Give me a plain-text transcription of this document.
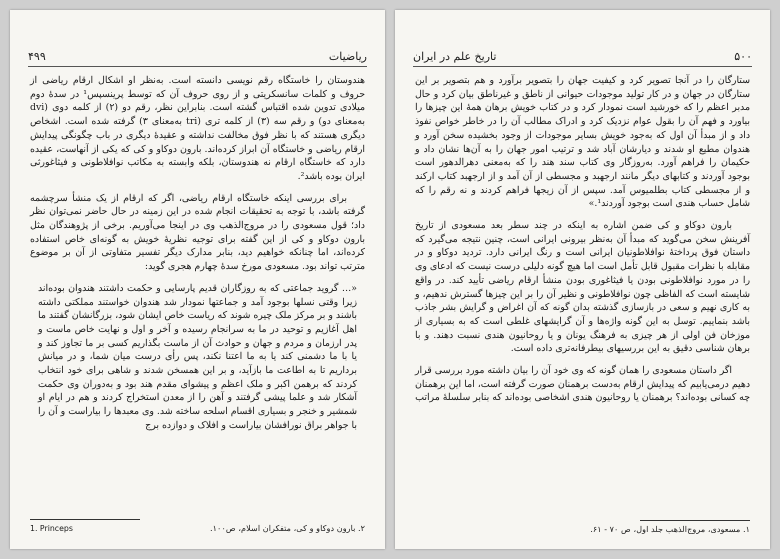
۴۹۹	ریاضیات

هندوستان را خاستگاه رقم نویسی دانسته است. به‌نظر او اشکال ارقام ریاضی از حروف و کلمات سانسکریتی و از روی حروف آن که توسط پرینسپس¹ در سدهٔ دوم میلادی تدوین شده اقتباس گشته است. بنابراین نظر، رقم دو (۲) از کلمه دوی (dvi به‌معنای دو) و رقم سه (۳) از کلمه تری (tri به‌معنای ۳) گرفته شده است. اشخاص دیگری هستند که با نظر فوق مخالفت نداشته و عقیدهٔ دیگری در باب چگونگی پیدایش ارقام ریاضی و خاستگاه آن ابراز کرده‌اند. بارون دوکاو و کی که یکی از آنهاست، عقیده دارد که خاستگاه ارقام نه هندوستان، بلکه وابسته به مکاتب نوافلاطونی و فیثاغورثی ایران بوده باشد².

برای بررسی اینکه خاستگاه ارقام ریاضی، اگر که ارقام از یک منشأ سرچشمه گرفته باشد، با توجه به تحقیقات انجام شده در این زمینه در حال حاضر نمی‌توان نظر داد؛ قول مسعودی را در مروج‌الذهب وی در اینجا می‌آوریم. برخی از پژوهندگان مثل بارون دوکاو و کی از این گفته برای توجیه نظریهٔ خویش به گونه‌ای خاص استفاده کرده‌اند، اما چنانکه خواهیم دید، بنابر مدارک دیگر تفسیر متفاوتی از آن بر موضوع مترتب تواند بود. مسعودی مورخ سدهٔ چهارم هجری گوید:

«… گروید جماعتی که به روزگاران قدیم پارسایی و حکمت داشتند هندوان بوده‌اند زیرا وقتی نسلها بوجود آمد و جماعتها نمودار شد هندوان خواستند مملکتی داشته باشند و بر مرکز ملک چیره شوند که ریاست خاص ایشان شود، بزرگانشان گفتند ما اهل آغازیم و توحید در ما به سرانجام رسیده و آخر و اول و نهایت خاص ماست و پدر ارزمان و مردم و جهان و حوادث آن از ماست بگذاریم کسی بر ما تجاوز کند و یا با ما دشمنی کند یا به ما اعتنا نکند، پس رأی درست میان شما، و در میانش برداریم تا به اطاعت ما بازآید، و بر این همسخن شدند و شاهی برای خود انتخاب کردند که برهمن اکبر و ملک اعظم و پیشوای مقدم هند بود و به‌دوران وی حکمت آشکار شد و علما پیشی گرفتند و آهن را از معدن استخراج کردند و هم در ایام او شمشیر و خنجر و بسیاری اقسام اسلحه ساخته شد. وی معبدها را بیاراست و آن را با جواهر براق نورافشان بیاراست و افلاک و دوازده برج

1. Princeps	۲. بارون دوکاو و کی، متفکران اسلام، ص۱۰۰.
۵۰۰
تاریخ علم در ایران

ستارگان را در آنجا تصویر کرد و کیفیت جهان را بتصویر برآورد و هم بتصویر بر این ستارگان در جهان و در کار تولید موجودات حیوانی از ناطق و غیرناطق بیان کرد و حال مدبر اعظم را که خورشید است نمودار کرد و در کتاب خویش برهان همهٔ این چیزها را بیاورد و فهم آن را بقول عوام نزدیک کرد و ادراک مطالب آن را در خاطر خواص نفوذ داد و از مبدأ آن اول که به‌جود خویش بسایر موجودات از وجود بخشیده سخن آورد و هندوان مطیع او شدند و دیارشان آباد شد و ترتیب امور جهان را به آن‌ها نشان داد و حکیمان را فراهم آورد. به‌روزگار وی کتاب سند هند را که به‌معنی دهرالدهور است بوجود آوردند و کتابهای دیگر مانند ارجهبد و مجسطی از آن آمد و از ارجهبد کتاب ارکند و از مجسطی کتاب بطلمیوس آمد. سپس از آن زیجها فراهم کردند و نه رقم را که شامل حساب هندی است بوجود آوردند¹.»

بارون دوکاو و کی ضمن اشاره به اینکه در چند سطر بعد مسعودی از تاریخ آفرینش سخن می‌گوید که مبدأ آن به‌نظر بیرونی ایرانی است، چنین نتیجه می‌گیرد که داستان فوق پرداختهٔ نوافلاطونیان ایرانی است و رنگ ایرانی دارد. تردید دوکاو و در مقابله با نظرات مقبول قابل تأمل است اما هیچ گونه دلیلی درست نیست که ادعای وی را در مورد نوافلاطونی بودن یا فیثاغوری بودن منشأ ارقام ریاضی تأیید کند. در واقع شایسته است که الفاظی چون نوافلاطونی و نظیر آن را بر این چیزها گسترش ندهیم، و به کاری نهیم و سعی در بازسازی گذشته بدان گونه که آن اغراض و گرایش بشر جاذب باشد بنماییم. توسل به این گونه واژه‌ها و آن گرایشهای غلطی است که به بسیاری از موزخان فن اولی از هر چیزی به فرهنگ یونان و یا روحانیون هندی نسبت دهند. و با برهان شناسی دقیق به این بررسیهای بیطرفانه‌تری داده است.

اگر داستان مسعودی را همان گونه که وی خود آن را بیان داشته مورد بررسی قرار دهیم درمی‌یابیم که پیدایش ارقام به‌دست برهمنان صورت گرفته است، اما این برهمنان چه کسانی بوده‌اند؟ برهمنان یا روحانیون هندی اشخاصی بوده‌اند که بنابر سلسلهٔ مراتب

۱. مسعودی، مروج‌الذهب جلد اول، ص ۷۰ - ۶۱.
